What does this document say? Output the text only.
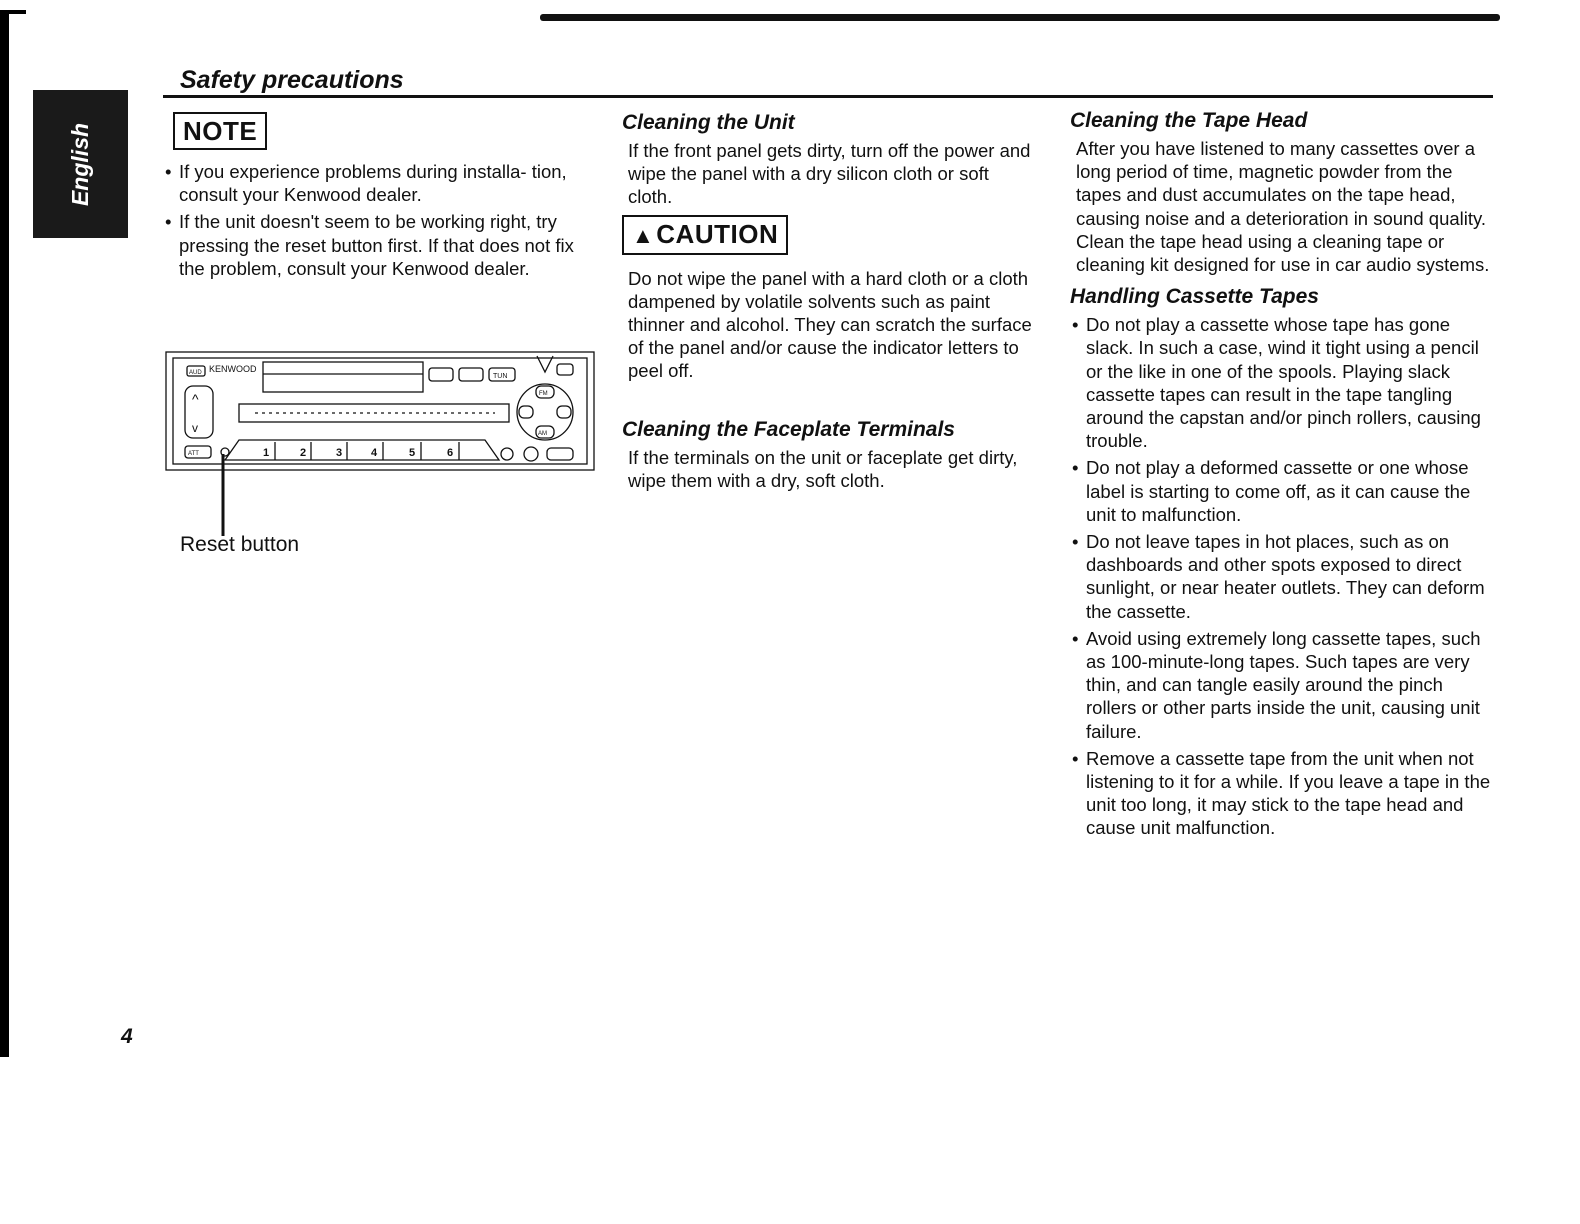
English
Safety precautions
NOTE
• If you experience problems during installa- tion, consult your Kenwood dealer.
• If the unit doesn't seem to be working right, try pressing the reset button first. If that does not fix the problem, consult your Kenwood dealer.
AUD KENWOOD
^
v
TUN
FM
AM
ATT	1	2	3	4	5	6
Reset button
Cleaning the Unit

If the front panel gets dirty, turn off the power and wipe the panel with a dry silicon cloth or soft cloth.

▲CAUTION

Do not wipe the panel with a hard cloth or a cloth dampened by volatile solvents such as paint thinner and alcohol. They can scratch the surface of the panel and/or cause the indicator letters to peel off.

Cleaning the Faceplate Terminals

If the terminals on the unit or faceplate get dirty, wipe them with a dry, soft cloth.

Cleaning the Tape Head

After you have listened to many cassettes over a long period of time, magnetic powder from the tapes and dust accumulates on the tape head, causing noise and a deterioration in sound quality. Clean the tape head using a cleaning tape or cleaning kit designed for use in car audio systems.

Handling Cassette Tapes
• Do not play a cassette whose tape has gone slack. In such a case, wind it tight using a pencil or the like in one of the spools. Playing slack cassette tapes can result in the tape tangling around the capstan and/or pinch rollers, causing trouble.
• Do not play a deformed cassette or one whose label is starting to come off, as it can cause the unit to malfunction.
• Do not leave tapes in hot places, such as on dashboards and other spots exposed to direct sunlight, or near heater outlets. They can deform the cassette.
• Avoid using extremely long cassette tapes, such as 100-minute-long tapes. Such tapes are very thin, and can tangle easily around the pinch rollers or other parts inside the unit, causing unit failure.
• Remove a cassette tape from the unit when not listening to it for a while. If you leave a tape in the unit too long, it may stick to the tape head and cause unit malfunction.
4
